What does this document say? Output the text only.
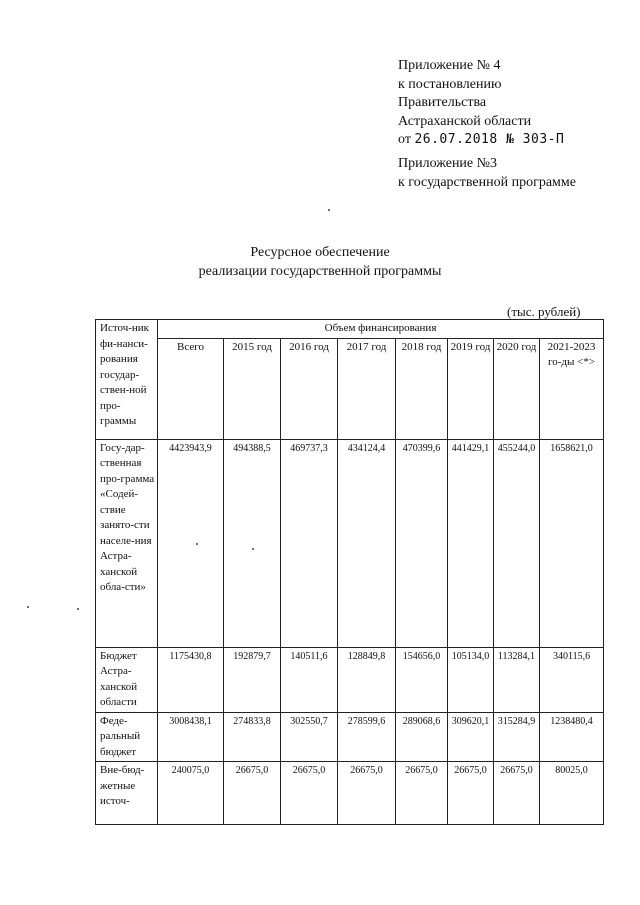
Приложение № 4
к постановлению
Правительства
Астраханской области
от 26.07.2018 № 303-П
Приложение №3
к государственной программе
Ресурсное обеспечение
реализации государственной программы
(тыс. рублей)
Источ-ник фи-нанси-рования государ-ствен-ной про-граммы	Объем финансирования							
	Всего	2015 год	2016 год	2017 год	2018 год	2019 год	2020 год	2021-2023 го-ды <*>
Госу-дар-ственная про-грамма «Содей-ствие занято-сти населе-ния Астра-ханской обла-сти»	4423943,9	494388,5	469737,3	434124,4	470399,6	441429,1	455244,0	1658621,0
Бюджет Астра-ханской области	1175430,8	192879,7	140511,6	128849,8	154656,0	105134,0	113284,1	340115,6
Феде-ральный бюджет	3008438,1	274833,8	302550,7	278599,6	289068,6	309620,1	315284,9	1238480,4
Вне-бюд-жетные источ-	240075,0	26675,0	26675,0	26675,0	26675,0	26675,0	26675,0	80025,0
